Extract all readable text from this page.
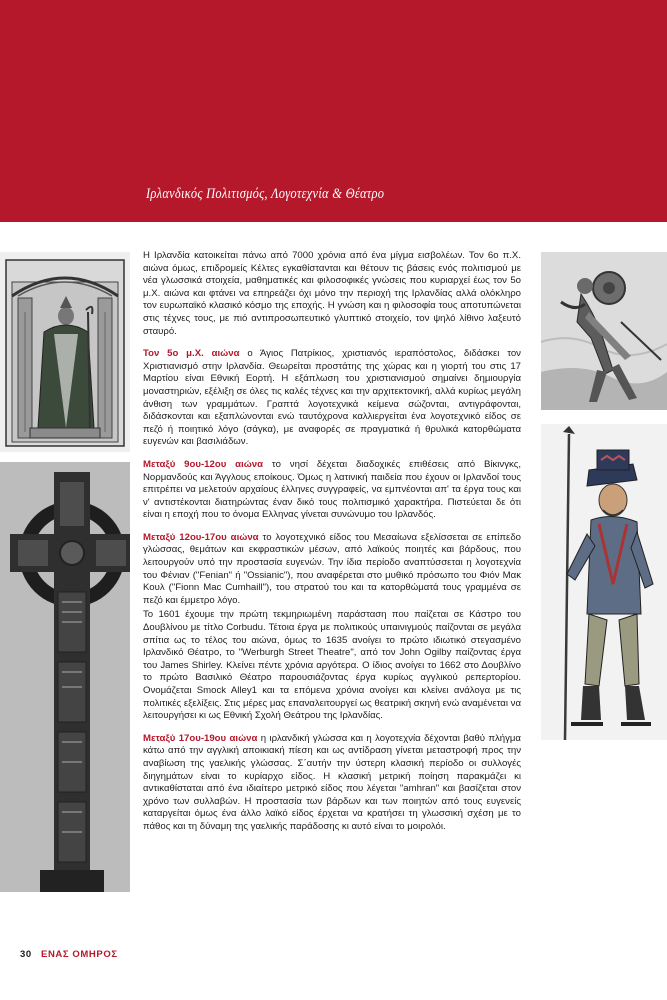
Ιρλανδικός Πολιτισμός, Λογοτεχνία & Θέατρο

Η Ιρλανδία κατοικείται πάνω από 7000 χρόνια από ένα μίγμα εισβολέων. Τον 6ο π.Χ. αιώνα όμως, επιδρομείς Κέλτες εγκαθίστανται και θέτουν τις βάσεις ενός πολιτισμού με νέα γλωσσικά στοιχεία, μαθηματικές και φιλοσοφικές γνώσεις που κυριαρχεί έως τον 5ο μ.Χ. αιώνα και φτάνει να επηρεάζει όχι μόνο την περιοχή της Ιρλανδίας αλλά ολόκληρο τον ευρωπαϊκό κλασικό κόσμο της εποχής. Η γνώση και η φιλοσοφία τους αποτυπώνεται στις τέχνες τους, με πιό αντιπροσωπευτικό γλυπτικό στοιχείο, τον ψηλό λίθινο λαξευτό σταυρό.

Τον 5ο μ.Χ. αιώνα ο Άγιος Πατρίκιος, χριστιανός ιεραπόστολος, διδάσκει τον Χριστιανισμό στην Ιρλανδία. Θεωρείται προστάτης της χώρας και η γιορτή του στις 17 Μαρτίου είναι Εθνική Εορτή. Η εξάπλωση του χριστιανισμού σημαίνει δημιουργία μοναστηριών, εξέλιξη σε όλες τις καλές τέχνες και την αρχιτεκτονική, αλλά κυρίως μεγάλη άνθιση των γραμμάτων. Γραπτά λογοτεχνικά κείμενα σώζονται, αντιγράφονται, διδάσκονται και εξαπλώνονται ενώ ταυτόχρονα καλλιεργείται ένα λογοτεχνικό είδος σε πεζό ή ποιητικό λόγο (σάγκα), με αναφορές σε πραγματικά ή θρυλικά κατορθώματα ευγενών και βασιλιάδων.

Μεταξύ 9ου-12ου αιώνα το νησί δέχεται διαδοχικές επιθέσεις από Βίκινγκς, Νορμανδούς και Άγγλους εποίκους. Όμως η λατινική παιδεία που έχουν οι Ιρλανδοί τους επιτρέπει να μελετούν αρχαίους έλληνες συγγραφείς, να εμπνέονται απ' τα έργα τους και ν' αντιστέκονται διατηρώντας έναν δικό τους πολιτισμικό χαρακτήρα. Πιστεύεται δε ότι είναι η εποχή που το όνομα Ελληνας γίνεται συνώνυμο του Ιρλανδός.

Μεταξύ 12ου-17ου αιώνα το λογοτεχνικό είδος του Μεσαίωνα εξελίσσεται σε επίπεδο γλώσσας, θεμάτων και εκφραστικών μέσων, από λαϊκούς ποιητές και βάρδους, που λειτουργούν υπό την προστασία ευγενών. Την ίδια περίοδο αναπτύσσεται η λογοτεχνία του Φένιαν ("Fenian" ή "Ossianic"), που αναφέρεται στο μυθικό πρόσωπο του Φιόν Μακ Κουλ ("Fionn Mac Cumhaill"), του στρατού του και τα κατορθώματά τους γραμμένα σε πεζό και έμμετρο λόγο.

Το 1601 έχουμε την πρώτη τεκμηριωμένη παράσταση που παίζεται σε Κάστρο του Δουβλίνου με τίτλο Corbudu. Τέτοια έργα με πολιτικούς υπαινιγμούς παίζονται σε μεγάλα σπίτια ως το τέλος του αιώνα, όμως το 1635 ανοίγει το πρώτο ιδιωτικό στεγασμένο Ιρλανδικό Θέατρο, το "Werburgh Street Theatre", από τον John Ogilby παίζοντας έργα του James Shirley. Κλείνει πέντε χρόνια αργότερα. Ο ίδιος ανοίγει το 1662 στο Δουβλίνο το πρώτο Βασιλικό Θέατρο παρουσιάζοντας έργα κυρίως αγγλικού ρεπερτορίου. Ονομάζεται Smock Alley1 και τα επόμενα χρόνια ανοίγει και κλείνει ανάλογα με τις πολιτικές εξελίξεις. Στις μέρες μας επαναλειτουργεί ως θεατρική σκηνή ενώ αναμένεται να λειτουργήσει κι ως Εθνική Σχολή Θεάτρου της Ιρλανδίας.

Μεταξύ 17ου-19ου αιώνα η ιρλανδική γλώσσα και η λογοτεχνία δέχονται βαθύ πλήγμα κάτω από την αγγλική αποικιακή πίεση και ως αντίδραση γίνεται μεταστροφή προς την αναβίωση της γαελικής γλώσσας. Σ΄αυτήν την ύστερη κλασική περίοδο οι συλλογές διηγημάτων είναι το κυρίαρχο είδος. Η κλασική μετρική ποίηση παρακμάζει κι αντικαθίσταται από ένα ιδιαίτερο μετρικό είδος που λέγεται "amhran" και βασίζεται στον χρόνο των συλλαβών. Η προστασία των βάρδων και των ποιητών από τους ευγενείς καταργείται όμως ένα άλλο λαϊκό είδος έρχεται να κρατήσει τη γλωσσική σχέση με το πάθος και τη δύναμη της γαελικής παράδοσης κι αυτό είναι το μοιρολόι.

30 ΕΝΑΣ ΟΜΗΡΟΣ
